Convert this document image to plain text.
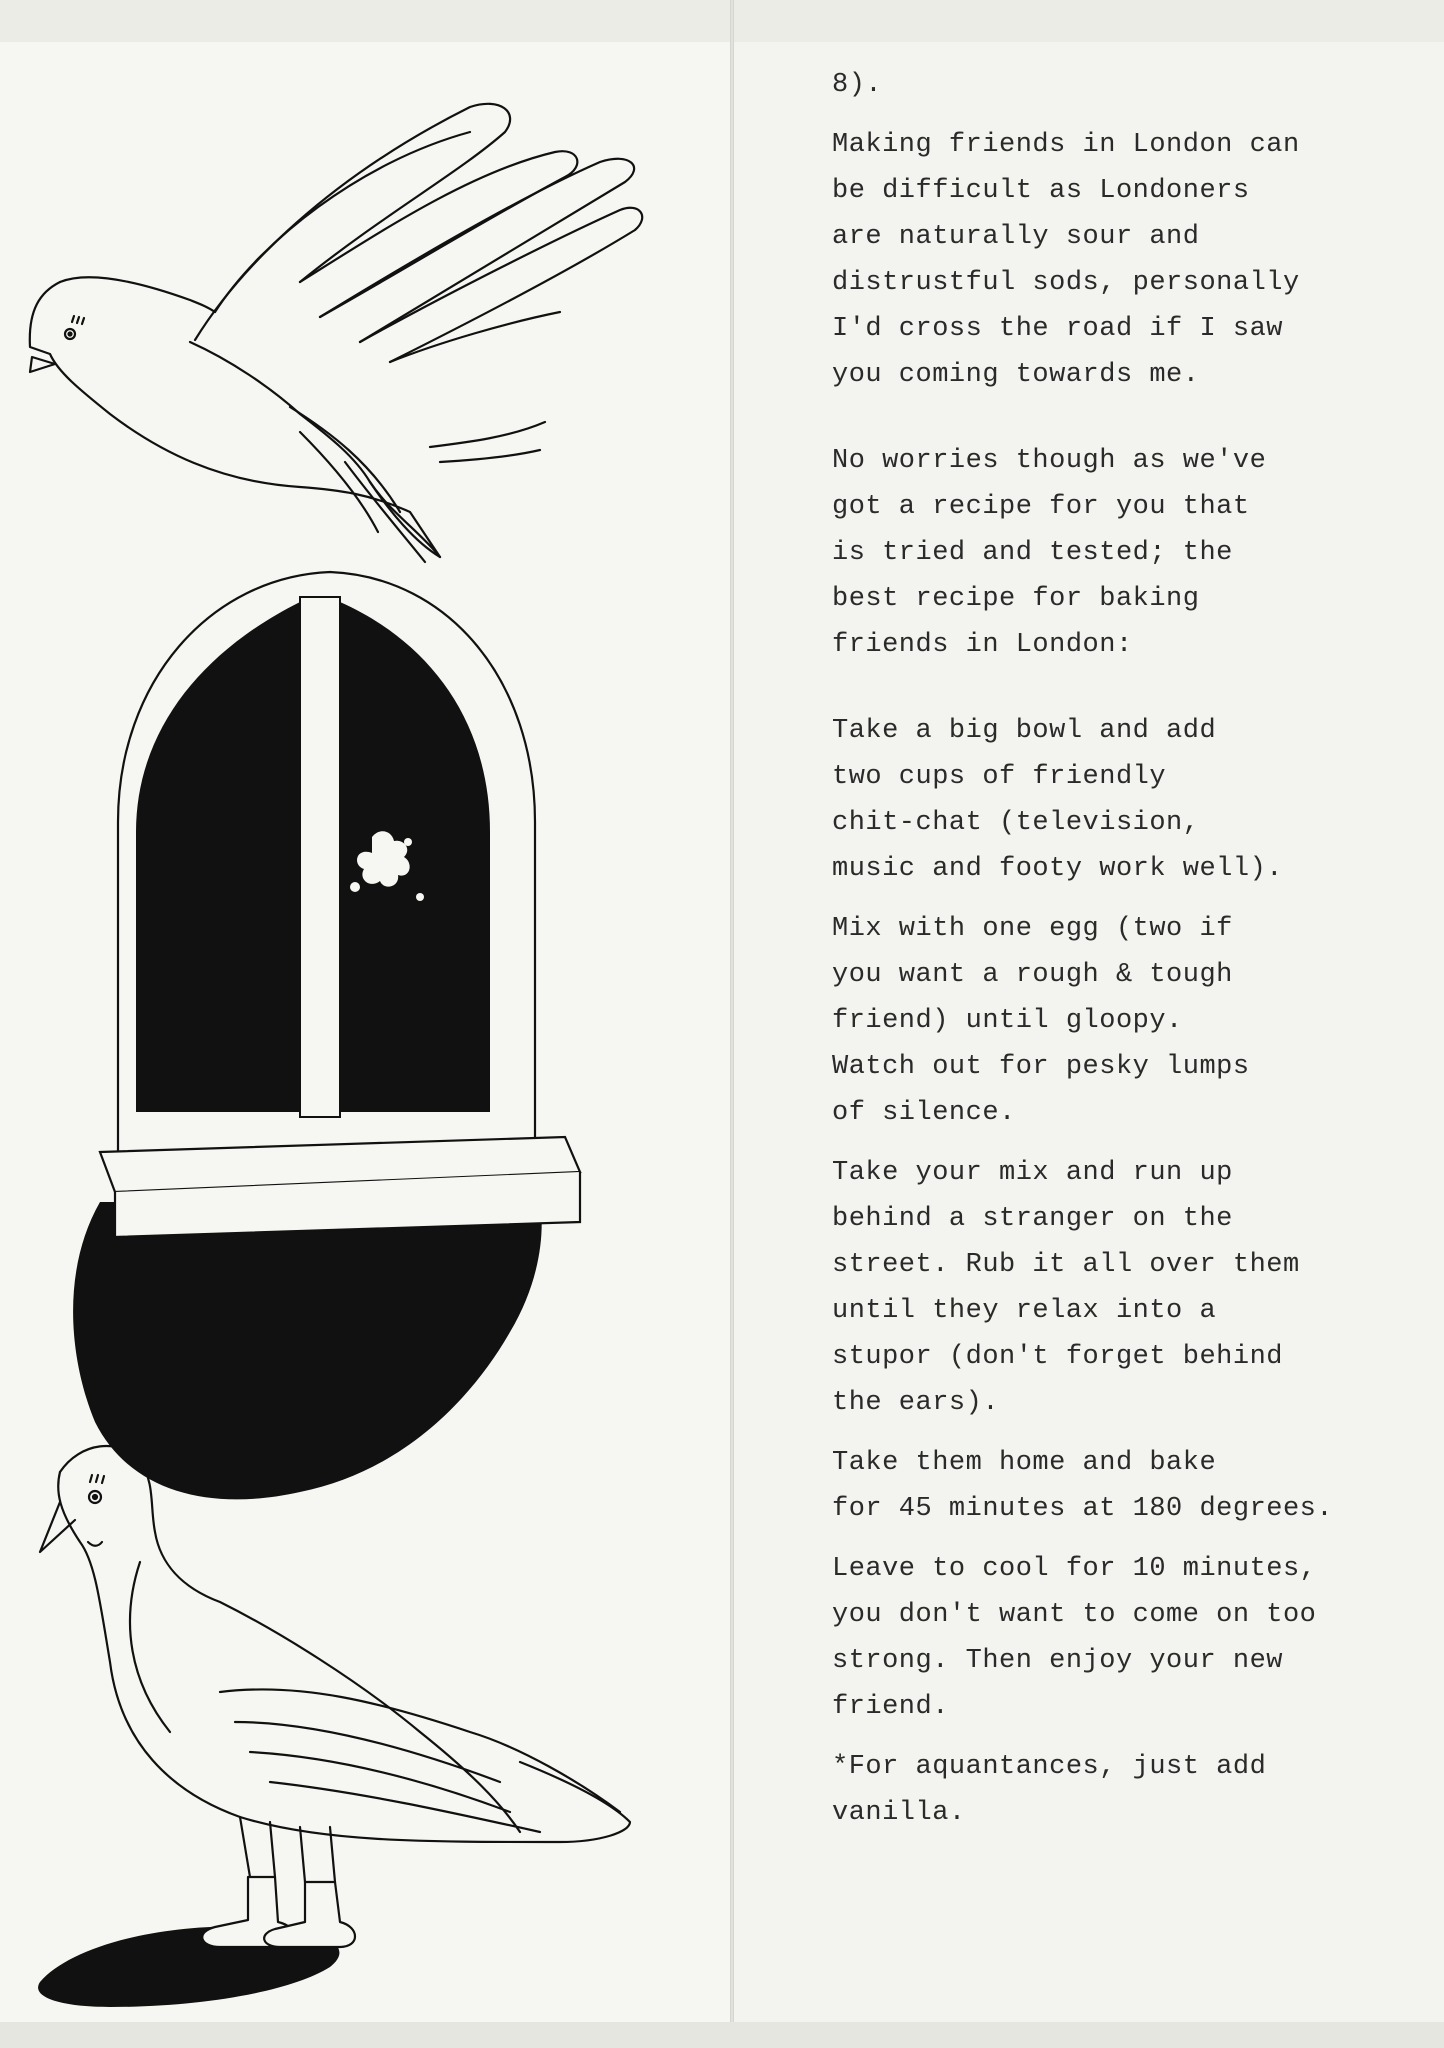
8).

Making friends in London can
be difficult as Londoners
are naturally sour and
distrustful sods, personally
I'd cross the road if I saw
you coming towards me.

No worries though as we've
got a recipe for you that
is tried and tested; the
best recipe for baking
friends in London:

Take a big bowl and add
two cups of friendly
chit-chat (television,
music and footy work well).

Mix with one egg (two if
you want a rough & tough
friend) until gloopy.
Watch out for pesky lumps
of silence.

Take your mix and run up
behind a stranger on the
street. Rub it all over them
until they relax into a
stupor (don't forget behind
the ears).

Take them home and bake
for 45 minutes at 180 degrees.

Leave to cool for 10 minutes,
you don't want to come on too
strong. Then enjoy your new
friend.

*For aquantances, just add
vanilla.
